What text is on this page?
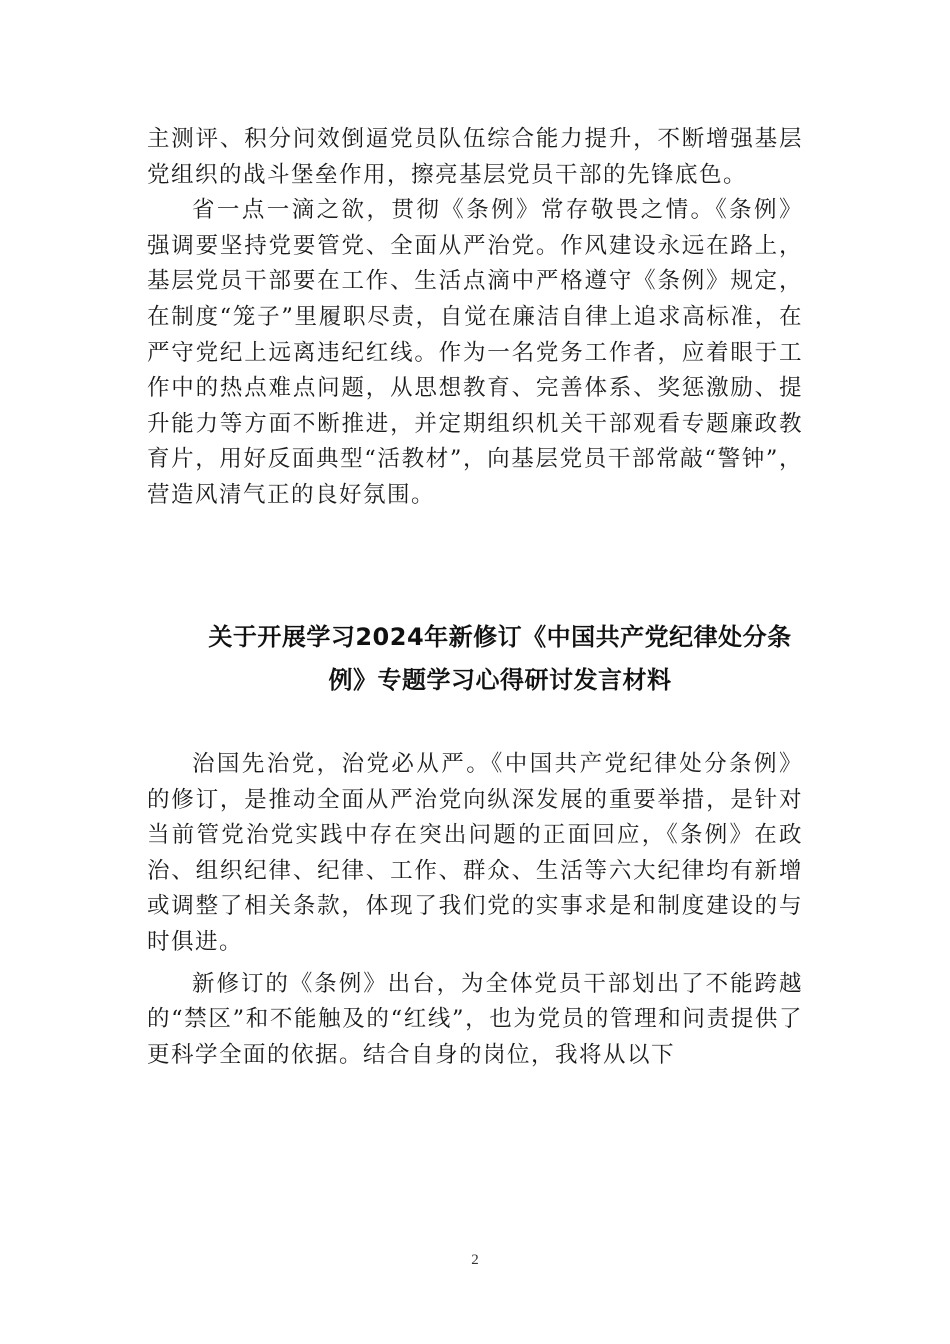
主测评、积分问效倒逼党员队伍综合能力提升，不断增强基层党组织的战斗堡垒作用，擦亮基层党员干部的先锋底色。

省一点一滴之欲，贯彻《条例》常存敬畏之情。《条例》强调要坚持党要管党、全面从严治党。作风建设永远在路上，基层党员干部要在工作、生活点滴中严格遵守《条例》规定，在制度“笼子”里履职尽责，自觉在廉洁自律上追求高标准，在严守党纪上远离违纪红线。作为一名党务工作者，应着眼于工作中的热点难点问题，从思想教育、完善体系、奖惩激励、提升能力等方面不断推进，并定期组织机关干部观看专题廉政教育片，用好反面典型“活教材”，向基层党员干部常敲“警钟”，营造风清气正的良好氛围。

关于开展学习2024年新修订《中国共产党纪律处分条
例》专题学习心得研讨发言材料

治国先治党，治党必从严。《中国共产党纪律处分条例》的修订，是推动全面从严治党向纵深发展的重要举措，是针对当前管党治党实践中存在突出问题的正面回应，《条例》在政治、组织纪律、纪律、工作、群众、生活等六大纪律均有新增或调整了相关条款，体现了我们党的实事求是和制度建设的与时俱进。

新修订的《条例》出台，为全体党员干部划出了不能跨越的“禁区”和不能触及的“红线”，也为党员的管理和问责提供了更科学全面的依据。结合自身的岗位，我将从以下

2
